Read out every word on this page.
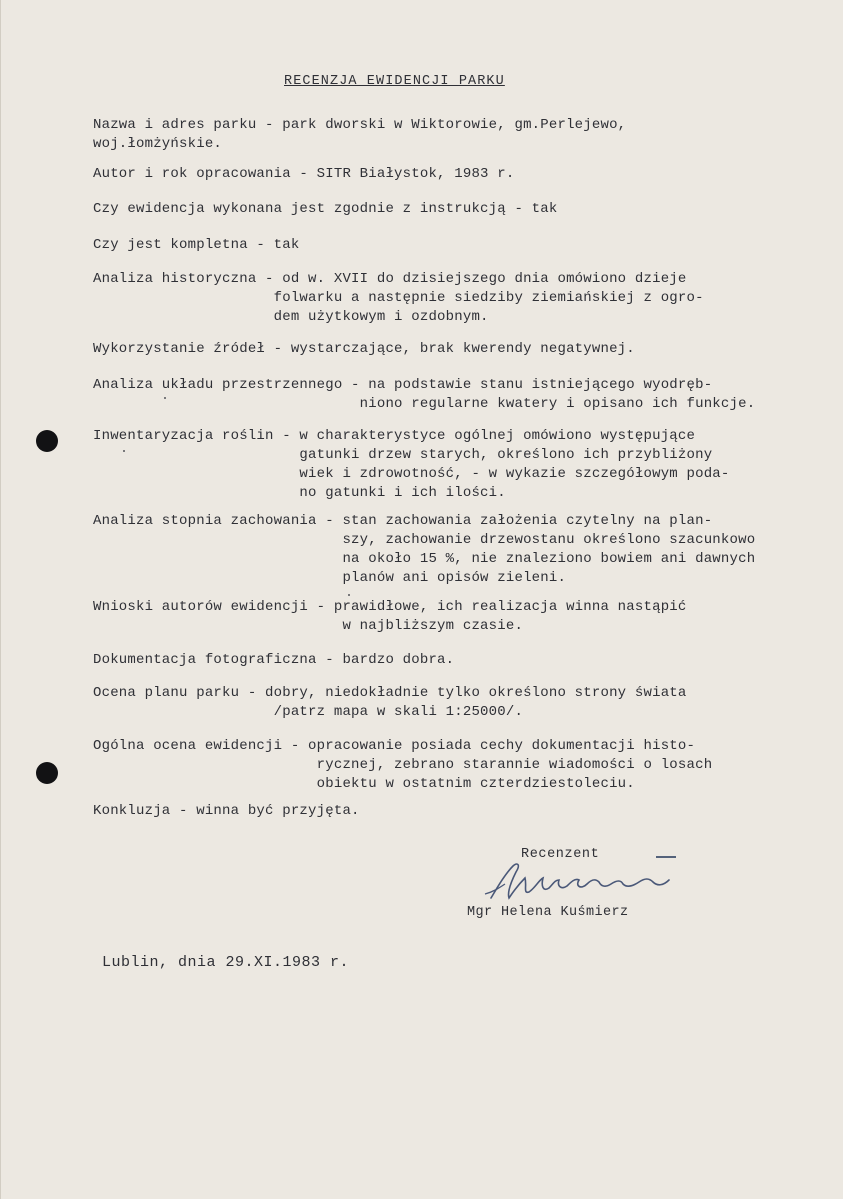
RECENZJA EWIDENCJI PARKU
Nazwa i adres parku - park dworski w Wiktorowie, gm.Perlejewo,
woj.łomżyńskie.
Autor i rok opracowania - SITR Białystok, 1983 r.
Czy ewidencja wykonana jest zgodnie z instrukcją - tak
Czy jest kompletna - tak
Analiza historyczna - od w. XVII do dzisiejszego dnia omówiono dzieje
folwarku a następnie siedziby ziemiańskiej z ogro-
dem użytkowym i ozdobnym.
Wykorzystanie źródeł - wystarczające, brak kwerendy negatywnej.
Analiza układu przestrzennego - na podstawie stanu istniejącego wyodręb-
niono regularne kwatery i opisano ich funkcje.
Inwentaryzacja roślin - w charakterystyce ogólnej omówiono występujące
gatunki drzew starych, określono ich przybliżony
wiek i zdrowotność, - w wykazie szczegółowym poda-
no gatunki i ich ilości.
Analiza stopnia zachowania - stan zachowania założenia czytelny na plan-
szy, zachowanie drzewostanu określono szacunkowo
na około 15 %, nie znaleziono bowiem ani dawnych
planów ani opisów zieleni.
Wnioski autorów ewidencji - prawidłowe, ich realizacja winna nastąpić
w najbliższym czasie.
Dokumentacja fotograficzna - bardzo dobra.
Ocena planu parku - dobry, niedokładnie tylko określono strony świata
/patrz mapa w skali 1:25000/.
Ogólna ocena ewidencji - opracowanie posiada cechy dokumentacji histo-
rycznej, zebrano starannie wiadomości o losach
obiektu w ostatnim czterdziestoleciu.
Konkluzja - winna być przyjęta.
Recenzent
Mgr Helena Kuśmierz
Lublin, dnia 29.XI.1983 r.
